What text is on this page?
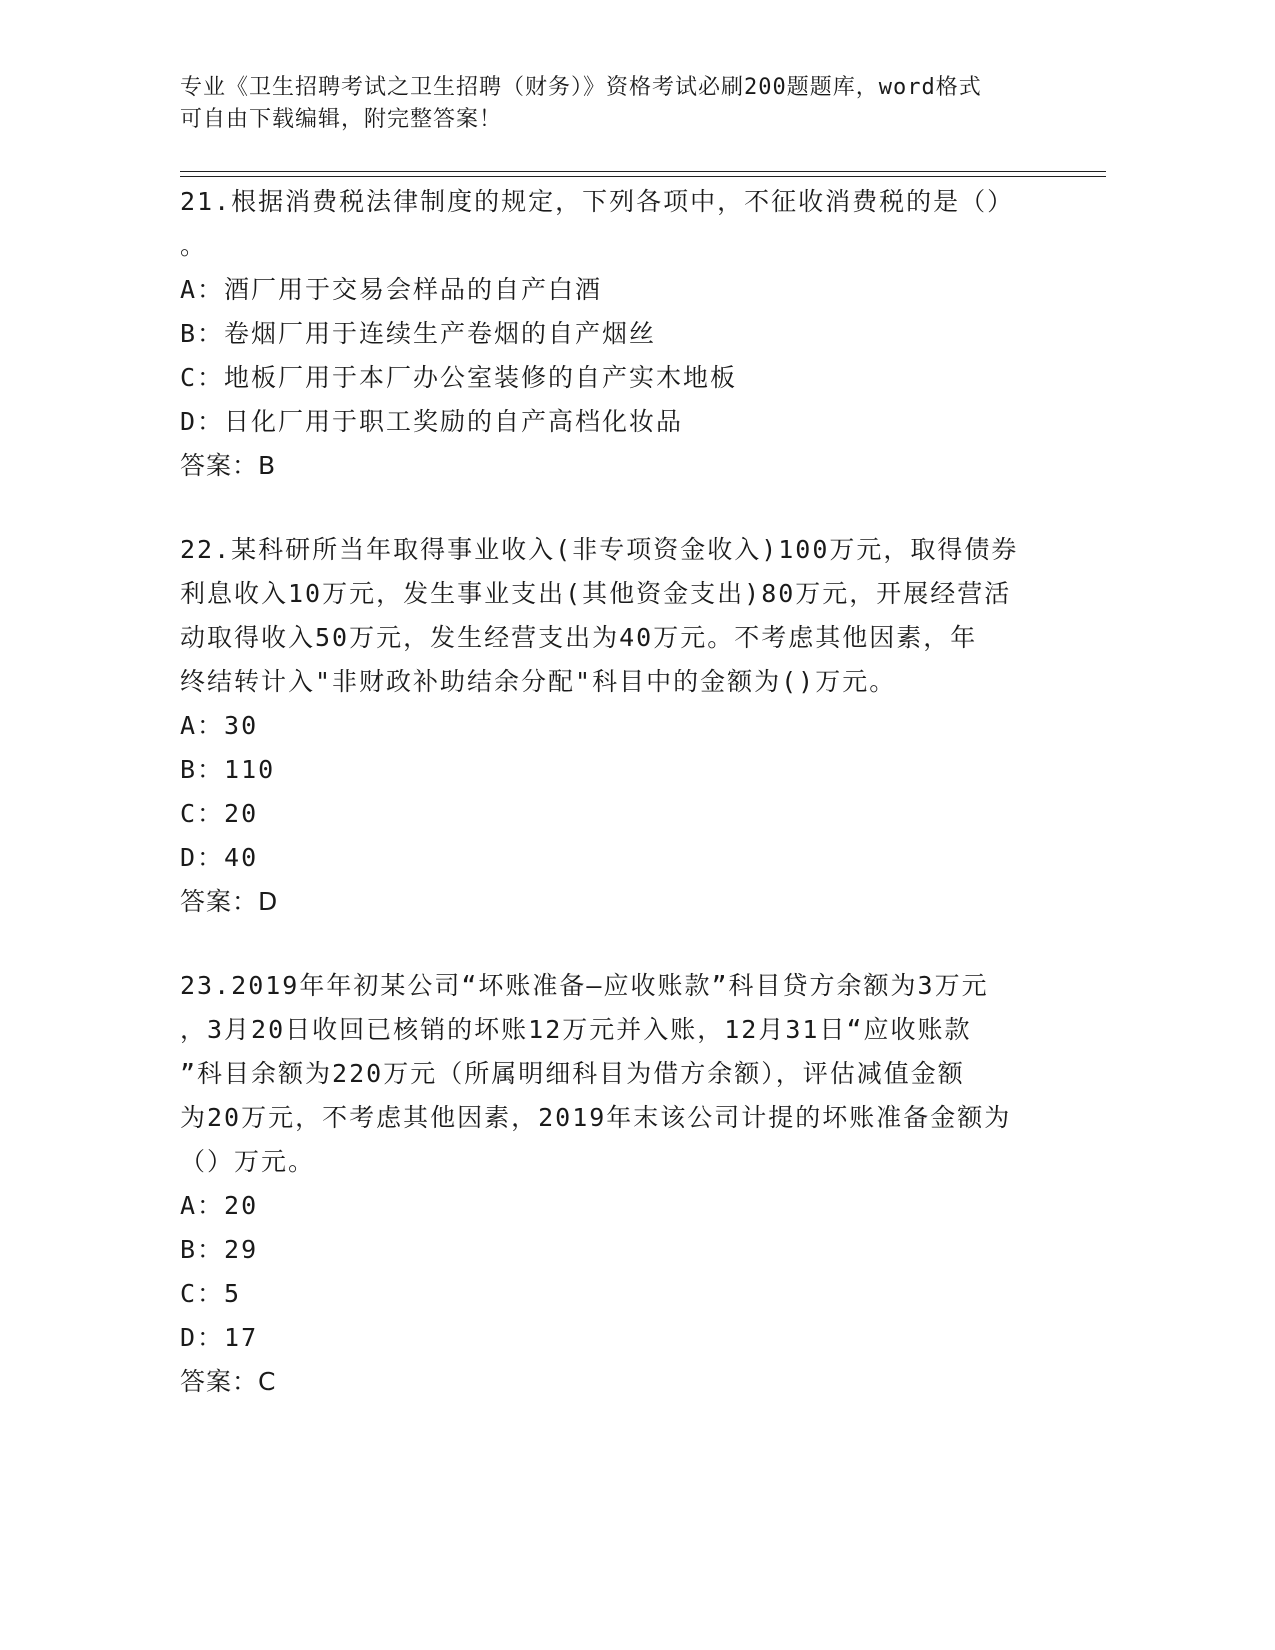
专业《卫生招聘考试之卫生招聘（财务）》资格考试必刷200题题库，word格式
可自由下载编辑，附完整答案！

21.根据消费税法律制度的规定，下列各项中，不征收消费税的是（）

。

A：酒厂用于交易会样品的自产白酒

B：卷烟厂用于连续生产卷烟的自产烟丝

C：地板厂用于本厂办公室装修的自产实木地板

D：日化厂用于职工奖励的自产高档化妆品

答案：B

22.某科研所当年取得事业收入(非专项资金收入)100万元，取得债券

利息收入10万元，发生事业支出(其他资金支出)80万元，开展经营活

动取得收入50万元，发生经营支出为40万元。不考虑其他因素，年

终结转计入"非财政补助结余分配"科目中的金额为()万元。

A：30

B：110

C：20

D：40

答案：D

23.2019年年初某公司“坏账准备—应收账款”科目贷方余额为3万元

，3月20日收回已核销的坏账12万元并入账，12月31日“应收账款

”科目余额为220万元（所属明细科目为借方余额），评估减值金额

为20万元，不考虑其他因素，2019年末该公司计提的坏账准备金额为

（）万元。

A：20

B：29

C：5

D：17

答案：C
